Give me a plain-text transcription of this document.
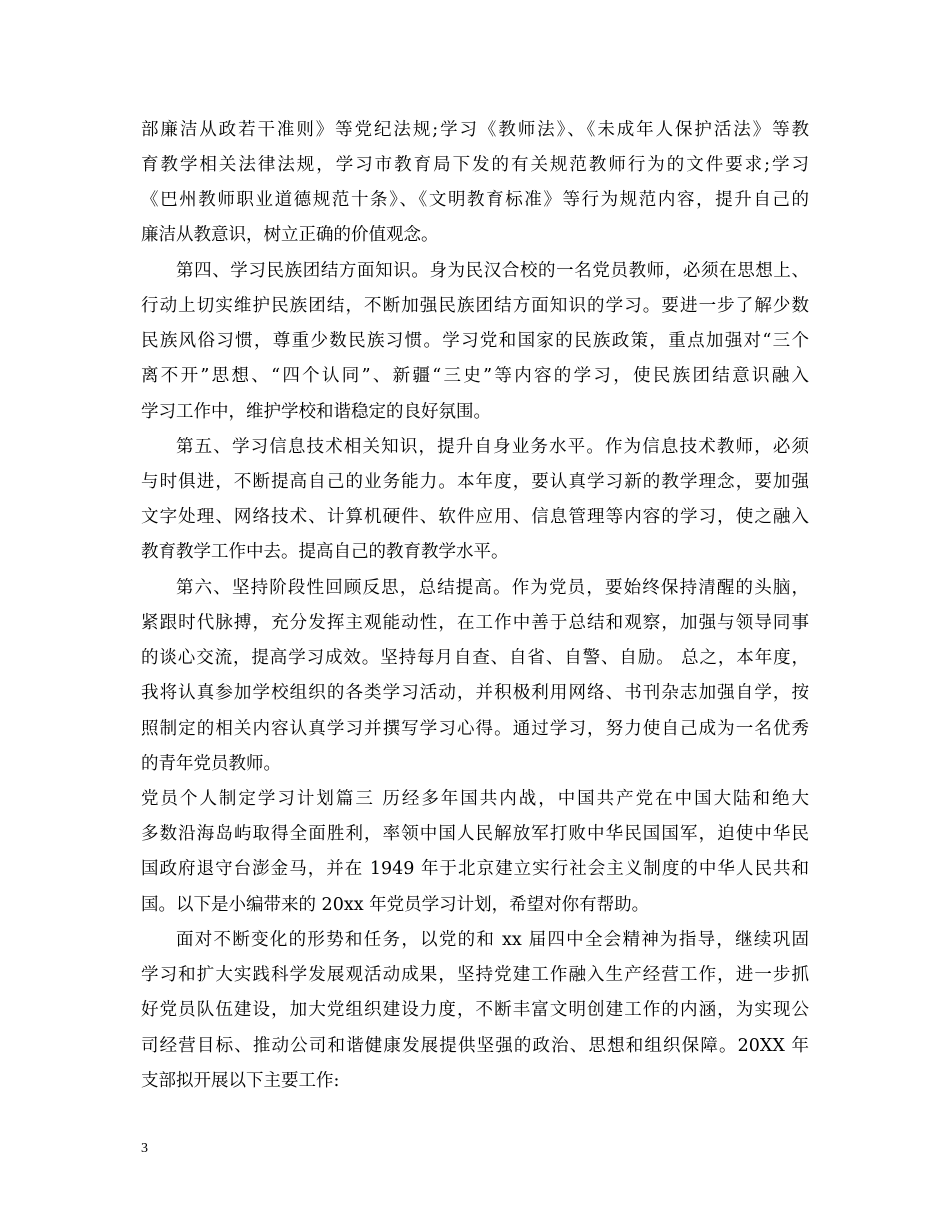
部廉洁从政若干准则》等党纪法规;学习《教师法》、《未成年人保护活法》等教
育教学相关法律法规，学习市教育局下发的有关规范教师行为的文件要求;学习
《巴州教师职业道德规范十条》、《文明教育标准》等行为规范内容，提升自己的
廉洁从教意识，树立正确的价值观念。
第四、学习民族团结方面知识。身为民汉合校的一名党员教师，必须在思想上、
行动上切实维护民族团结，不断加强民族团结方面知识的学习。要进一步了解少数
民族风俗习惯，尊重少数民族习惯。学习党和国家的民族政策，重点加强对“三个
离不开”思想、“四个认同”、新疆“三史”等内容的学习，使民族团结意识融入
学习工作中，维护学校和谐稳定的良好氛围。
第五、学习信息技术相关知识，提升自身业务水平。作为信息技术教师，必须
与时俱进，不断提高自己的业务能力。本年度，要认真学习新的教学理念，要加强
文字处理、网络技术、计算机硬件、软件应用、信息管理等内容的学习，使之融入
教育教学工作中去。提高自己的教育教学水平。
第六、坚持阶段性回顾反思，总结提高。作为党员，要始终保持清醒的头脑，
紧跟时代脉搏，充分发挥主观能动性，在工作中善于总结和观察，加强与领导同事
的谈心交流，提高学习成效。坚持每月自查、自省、自警、自励。 总之，本年度，
我将认真参加学校组织的各类学习活动，并积极利用网络、书刊杂志加强自学，按
照制定的相关内容认真学习并撰写学习心得。通过学习，努力使自己成为一名优秀
的青年党员教师。
党员个人制定学习计划篇三 历经多年国共内战，中国共产党在中国大陆和绝大
多数沿海岛屿取得全面胜利，率领中国人民解放军打败中华民国国军，迫使中华民
国政府退守台澎金马，并在 1949 年于北京建立实行社会主义制度的中华人民共和
国。以下是小编带来的 20xx 年党员学习计划，希望对你有帮助。
面对不断变化的形势和任务，以党的和 xx 届四中全会精神为指导，继续巩固
学习和扩大实践科学发展观活动成果，坚持党建工作融入生产经营工作，进一步抓
好党员队伍建设，加大党组织建设力度，不断丰富文明创建工作的内涵，为实现公
司经营目标、推动公司和谐健康发展提供坚强的政治、思想和组织保障。20XX 年
支部拟开展以下主要工作:
3
